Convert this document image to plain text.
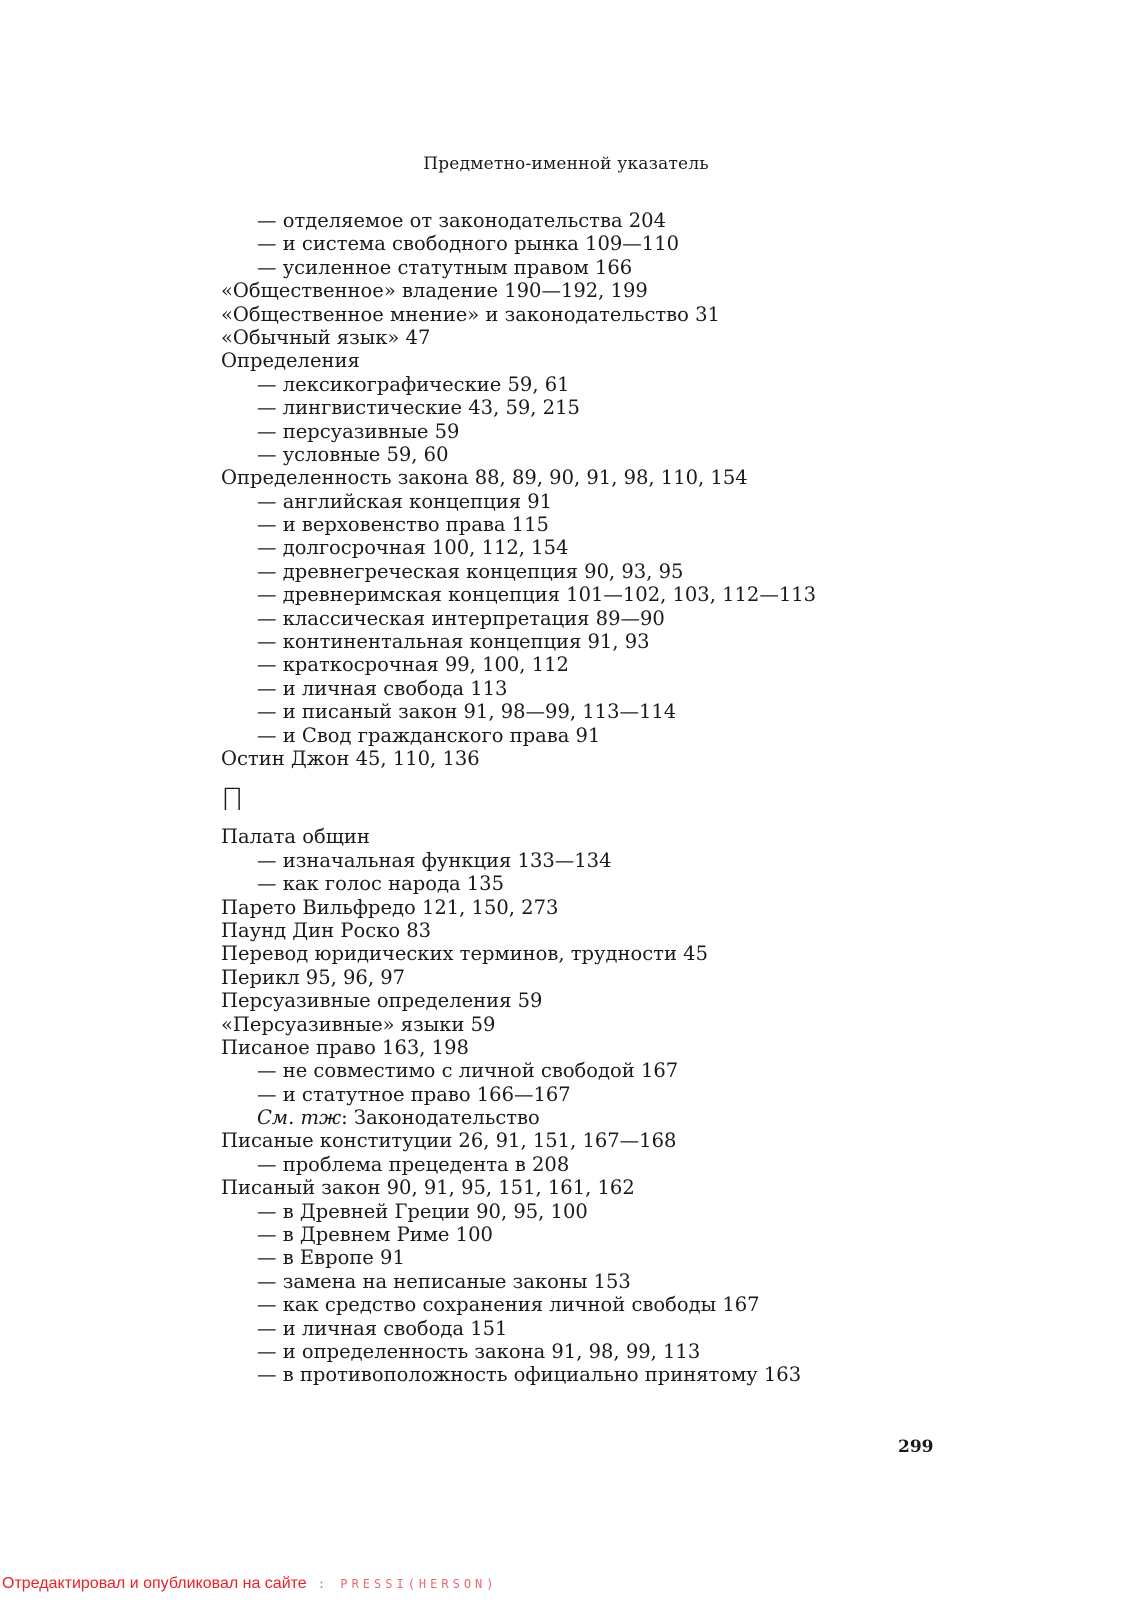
Предметно-именной указатель
— отделяемое от законодательства 204
— и система свободного рынка 109—110
— усиленное статутным правом 166
«Общественное» владение 190—192, 199
«Общественное мнение» и законодательство 31
«Обычный язык» 47
Определения
— лексикографические 59, 61
— лингвистические 43, 59, 215
— персуазивные 59
— условные 59, 60
Определенность закона 88, 89, 90, 91, 98, 110, 154
— английская концепция 91
— и верховенство права 115
— долгосрочная 100, 112, 154
— древнегреческая концепция 90, 93, 95
— древнеримская концепция 101—102, 103, 112—113
— классическая интерпретация 89—90
— континентальная концепция 91, 93
— краткосрочная 99, 100, 112
— и личная свобода 113
— и писаный закон 91, 98—99, 113—114
— и Свод гражданского права 91
Остин Джон 45, 110, 136
П
Палата общин
— изначальная функция 133—134
— как голос народа 135
Парето Вильфредо 121, 150, 273
Паунд Дин Роско 83
Перевод юридических терминов, трудности 45
Перикл 95, 96, 97
Персуазивные определения 59
«Персуазивные» языки 59
Писаное право 163, 198
— не совместимо с личной свободой 167
— и статутное право 166—167
См. тж: Законодательство
Писаные конституции 26, 91, 151, 167—168
— проблема прецедента в 208
Писаный закон 90, 91, 95, 151, 161, 162
— в Древней Греции 90, 95, 100
— в Древнем Риме 100
— в Европе 91
— замена на неписаные законы 153
— как средство сохранения личной свободы 167
— и личная свобода 151
— и определенность закона 91, 98, 99, 113
— в противоположность официально принятому 163
299
Отредактировал и опубликовал на сайте : PRESSI(HERSON)
